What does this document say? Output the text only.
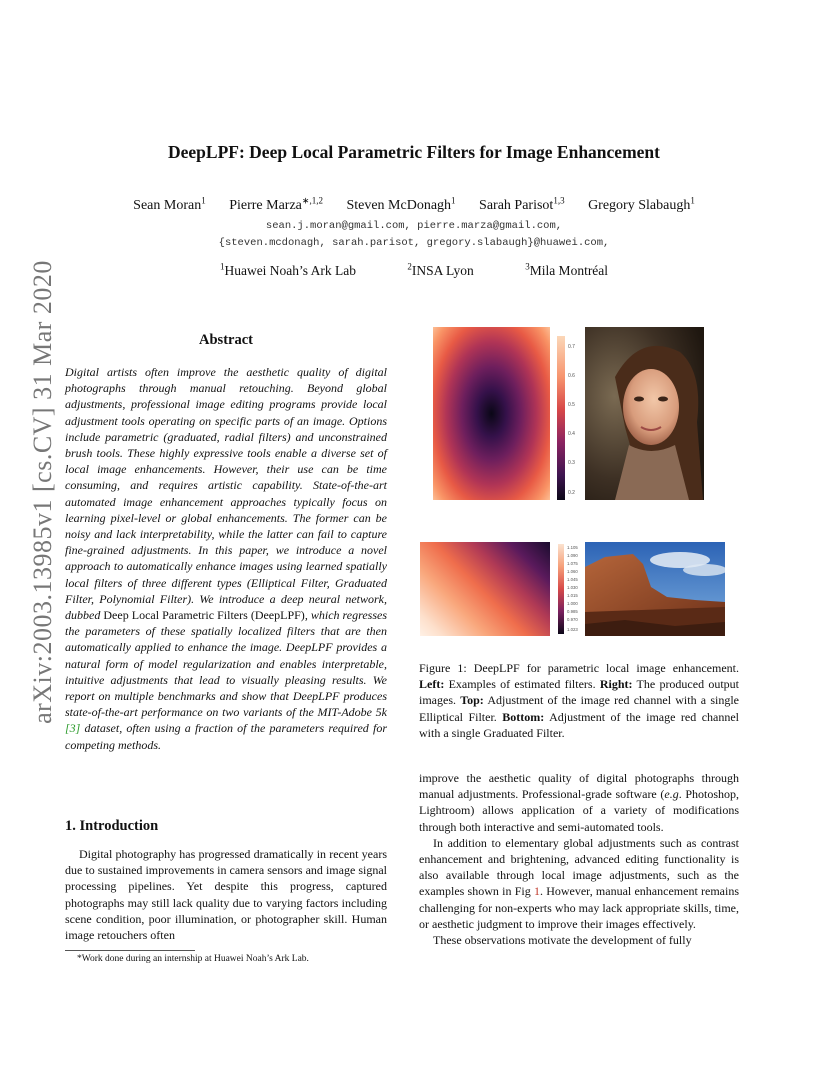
DeepLPF: Deep Local Parametric Filters for Image Enhancement
Sean Moran$^1$ Pierre Marza$^{∗,1,2}$ Steven McDonagh$^1$ Sarah Parisot$^{1,3}$ Gregory Slabaugh$^1$
sean.j.moran@gmail.com, pierre.marza@gmail.com,
{steven.mcdonagh, sarah.parisot, gregory.slabaugh}@huawei.com,
$^1$Huawei Noah’s Ark Lab	$^2$INSA Lyon	$^3$Mila Montréal
arXiv:2003.13985v1 [cs.CV] 31 Mar 2020	Abstract
Digital artists often improve the aesthetic quality of digital photographs through manual retouching. Beyond global adjustments, professional image editing programs provide local adjustment tools operating on specific parts of an image. Options include parametric (graduated, radial filters) and unconstrained brush tools. These highly expressive tools enable a diverse set of local image enhancements. However, their use can be time consuming, and requires artistic capability. State-of-the-art automated image enhancement approaches typically focus on learning pixel-level or global enhancements. The former can be noisy and lack interpretability, while the latter can fail to capture fine-grained adjustments. In this paper, we introduce a novel approach to automatically enhance images using learned spatially local filters of three different types (Elliptical Filter, Graduated Filter, Polynomial Filter). We introduce a deep neural network, dubbed Deep Local Parametric Filters (DeepLPF), which regresses the parameters of these spatially localized filters that are then automatically applied to enhance the image. DeepLPF provides a natural form of model regularization and enables interpretable, intuitive adjustments that lead to visually pleasing results. We report on multiple benchmarks and show that DeepLPF produces state-of-the-art performance on two variants of the MIT-Adobe 5k [3] dataset, often using a fraction of the parameters required for competing methods.
1. Introduction
Digital photography has progressed dramatically in recent years due to sustained improvements in camera sensors and image signal processing pipelines. Yet despite this progress, captured photographs may still lack quality due to varying factors including scene condition, poor illumination, or photographer skill. Human image retouchers often
*Work done during an internship at Huawei Noah’s Ark Lab.
0.7
0.6
0.5
0.4
0.3
0.2
1.105
1.090
1.075
1.060
1.045
1.030
1.015
1.000
0.985
0.970
1.023
Figure 1: DeepLPF for parametric local image enhancement. Left: Examples of estimated filters. Right: The produced output images. Top: Adjustment of the image red channel with a single Elliptical Filter. Bottom: Adjustment of the image red channel with a single Graduated Filter.
improve the aesthetic quality of digital photographs through manual adjustments. Professional-grade software (e.g. Photoshop, Lightroom) allows application of a variety of modifications through both interactive and semi-automated tools.
In addition to elementary global adjustments such as contrast enhancement and brightening, advanced editing functionality is also available through local image adjustments, such as the examples shown in Fig 1. However, manual enhancement remains challenging for non-experts who may lack appropriate skills, time, or aesthetic judgment to improve their images effectively.
These observations motivate the development of fully
